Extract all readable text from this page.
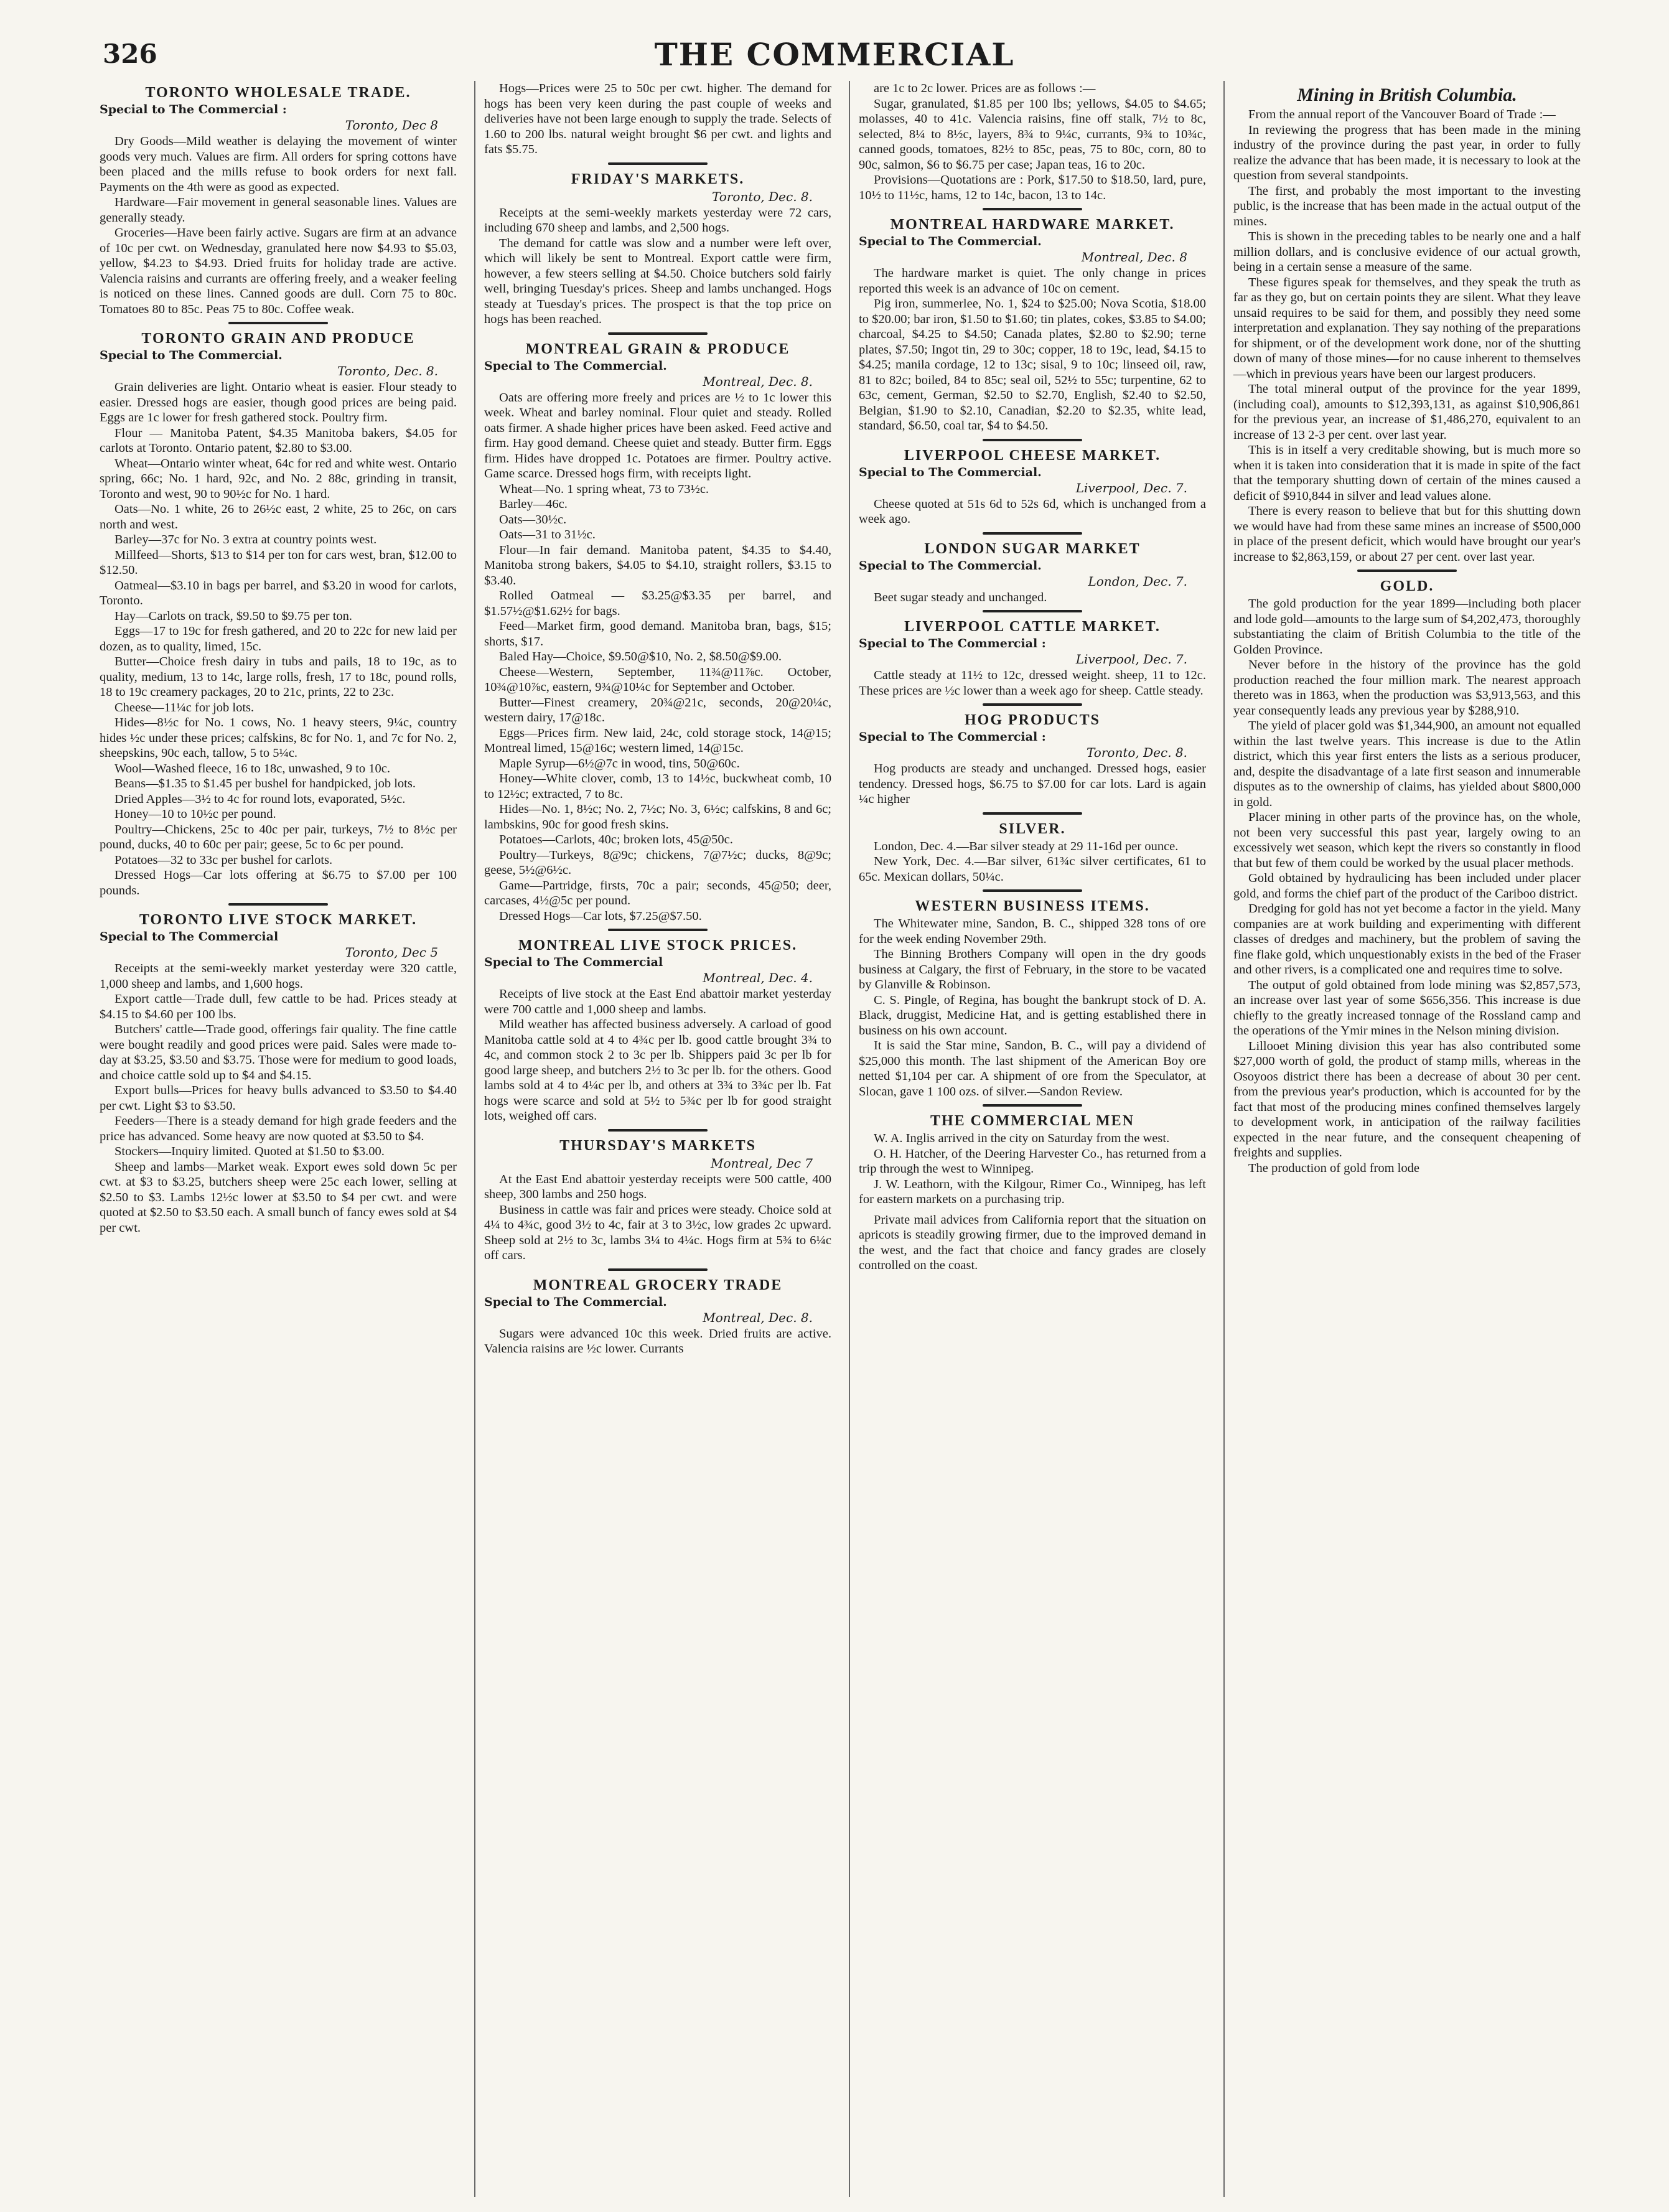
326	THE COMMERCIAL
TORONTO WHOLESALE TRADE.
Special to The Commercial :
Toronto, Dec 8

Dry Goods—Mild weather is delaying the movement of winter goods very much. Values are firm. All orders for spring cottons have been placed and the mills refuse to book orders for next fall. Payments on the 4th were as good as expected.

Hardware—Fair movement in general seasonable lines. Values are generally steady.

Groceries—Have been fairly active. Sugars are firm at an advance of 10c per cwt. on Wednesday, granulated here now $4.93 to $5.03, yellow, $4.23 to $4.93. Dried fruits for holiday trade are active. Valencia raisins and currants are offering freely, and a weaker feeling is noticed on these lines. Canned goods are dull. Corn 75 to 80c. Tomatoes 80 to 85c. Peas 75 to 80c. Coffee weak.

TORONTO GRAIN AND PRODUCE
Special to The Commercial.
Toronto, Dec. 8.

Grain deliveries are light. Ontario wheat is easier. Flour steady to easier. Dressed hogs are easier, though good prices are being paid. Eggs are 1c lower for fresh gathered stock. Poultry firm.

Flour — Manitoba Patent, $4.35 Manitoba bakers, $4.05 for carlots at Toronto. Ontario patent, $2.80 to $3.00.

Wheat—Ontario winter wheat, 64c for red and white west. Ontario spring, 66c; No. 1 hard, 92c, and No. 2 88c, grinding in transit, Toronto and west, 90 to 90½c for No. 1 hard.

Oats—No. 1 white, 26 to 26½c east, 2 white, 25 to 26c, on cars north and west.

Barley—37c for No. 3 extra at country points west.

Millfeed—Shorts, $13 to $14 per ton for cars west, bran, $12.00 to $12.50.

Oatmeal—$3.10 in bags per barrel, and $3.20 in wood for carlots, Toronto.

Hay—Carlots on track, $9.50 to $9.75 per ton.

Eggs—17 to 19c for fresh gathered, and 20 to 22c for new laid per dozen, as to quality, limed, 15c.

Butter—Choice fresh dairy in tubs and pails, 18 to 19c, as to quality, medium, 13 to 14c, large rolls, fresh, 17 to 18c, pound rolls, 18 to 19c creamery packages, 20 to 21c, prints, 22 to 23c.

Cheese—11¼c for job lots.

Hides—8½c for No. 1 cows, No. 1 heavy steers, 9¼c, country hides ½c under these prices; calfskins, 8c for No. 1, and 7c for No. 2, sheepskins, 90c each, tallow, 5 to 5¼c.

Wool—Washed fleece, 16 to 18c, unwashed, 9 to 10c.

Beans—$1.35 to $1.45 per bushel for handpicked, job lots.

Dried Apples—3½ to 4c for round lots, evaporated, 5½c.

Honey—10 to 10½c per pound.

Poultry—Chickens, 25c to 40c per pair, turkeys, 7½ to 8½c per pound, ducks, 40 to 60c per pair; geese, 5c to 6c per pound.

Potatoes—32 to 33c per bushel for carlots.

Dressed Hogs—Car lots offering at $6.75 to $7.00 per 100 pounds.

TORONTO LIVE STOCK MARKET.
Special to The Commercial
Toronto, Dec 5

Receipts at the semi-weekly market yesterday were 320 cattle, 1,000 sheep and lambs, and 1,600 hogs.

Export cattle—Trade dull, few cattle to be had. Prices steady at $4.15 to $4.60 per 100 lbs.

Butchers' cattle—Trade good, offerings fair quality. The fine cattle were bought readily and good prices were paid. Sales were made to-day at $3.25, $3.50 and $3.75. Those were for medium to good loads, and choice cattle sold up to $4 and $4.15.

Export bulls—Prices for heavy bulls advanced to $3.50 to $4.40 per cwt. Light $3 to $3.50.

Feeders—There is a steady demand for high grade feeders and the price has advanced. Some heavy are now quoted at $3.50 to $4.

Stockers—Inquiry limited. Quoted at $1.50 to $3.00.

Sheep and lambs—Market weak. Export ewes sold down 5c per cwt. at $3 to $3.25, butchers sheep were 25c each lower, selling at $2.50 to $3. Lambs 12½c lower at $3.50 to $4 per cwt. and were quoted at $2.50 to $3.50 each. A small bunch of fancy ewes sold at $4 per cwt.

Hogs—Prices were 25 to 50c per cwt. higher. The demand for hogs has been very keen during the past couple of weeks and deliveries have not been large enough to supply the trade. Selects of 1.60 to 200 lbs. natural weight brought $6 per cwt. and lights and fats $5.75.

FRIDAY'S MARKETS.
Toronto, Dec. 8.

Receipts at the semi-weekly markets yesterday were 72 cars, including 670 sheep and lambs, and 2,500 hogs.

The demand for cattle was slow and a number were left over, which will likely be sent to Montreal. Export cattle were firm, however, a few steers selling at $4.50. Choice butchers sold fairly well, bringing Tuesday's prices. Sheep and lambs unchanged. Hogs steady at Tuesday's prices. The prospect is that the top price on hogs has been reached.

MONTREAL GRAIN & PRODUCE
Special to The Commercial.
Montreal, Dec. 8.

Oats are offering more freely and prices are ½ to 1c lower this week. Wheat and barley nominal. Flour quiet and steady. Rolled oats firmer. A shade higher prices have been asked. Feed active and firm. Hay good demand. Cheese quiet and steady. Butter firm. Eggs firm. Hides have dropped 1c. Potatoes are firmer. Poultry active. Game scarce. Dressed hogs firm, with receipts light.

Wheat—No. 1 spring wheat, 73 to 73½c.

Barley—46c.

Oats—30½c.

Oats—31 to 31½c.

Flour—In fair demand. Manitoba patent, $4.35 to $4.40, Manitoba strong bakers, $4.05 to $4.10, straight rollers, $3.15 to $3.40.

Rolled Oatmeal — $3.25@$3.35 per barrel, and $1.57½@$1.62½ for bags.

Feed—Market firm, good demand. Manitoba bran, bags, $15; shorts, $17.

Baled Hay—Choice, $9.50@$10, No. 2, $8.50@$9.00.

Cheese—Western, September, 11¾@11⅞c. October, 10¾@10⅞c, eastern, 9¾@10¼c for September and October.

Butter—Finest creamery, 20¾@21c, seconds, 20@20¼c, western dairy, 17@18c.

Eggs—Prices firm. New laid, 24c, cold storage stock, 14@15; Montreal limed, 15@16c; western limed, 14@15c.

Maple Syrup—6½@7c in wood, tins, 50@60c.

Honey—White clover, comb, 13 to 14½c, buckwheat comb, 10 to 12½c; extracted, 7 to 8c.

Hides—No. 1, 8½c; No. 2, 7½c; No. 3, 6½c; calfskins, 8 and 6c; lambskins, 90c for good fresh skins.

Potatoes—Carlots, 40c; broken lots, 45@50c.

Poultry—Turkeys, 8@9c; chickens, 7@7½c; ducks, 8@9c; geese, 5½@6½c.

Game—Partridge, firsts, 70c a pair; seconds, 45@50; deer, carcases, 4½@5c per pound.

Dressed Hogs—Car lots, $7.25@$7.50.

MONTREAL LIVE STOCK PRICES.
Special to The Commercial
Montreal, Dec. 4.

Receipts of live stock at the East End abattoir market yesterday were 700 cattle and 1,000 sheep and lambs.

Mild weather has affected business adversely. A carload of good Manitoba cattle sold at 4 to 4¾c per lb. good cattle brought 3¾ to 4c, and common stock 2 to 3c per lb. Shippers paid 3c per lb for good large sheep, and butchers 2½ to 3c per lb. for the others. Good lambs sold at 4 to 4¼c per lb, and others at 3¾ to 3¾c per lb. Fat hogs were scarce and sold at 5½ to 5¾c per lb for good straight lots, weighed off cars.

THURSDAY'S MARKETS
Montreal, Dec 7

At the East End abattoir yesterday receipts were 500 cattle, 400 sheep, 300 lambs and 250 hogs.

Business in cattle was fair and prices were steady. Choice sold at 4¼ to 4¾c, good 3½ to 4c, fair at 3 to 3½c, low grades 2c upward. Sheep sold at 2½ to 3c, lambs 3¼ to 4¼c. Hogs firm at 5¾ to 6¼c off cars.

MONTREAL GROCERY TRADE
Special to The Commercial.
Montreal, Dec. 8.

Sugars were advanced 10c this week. Dried fruits are active. Valencia raisins are ½c lower. Currants

are 1c to 2c lower. Prices are as follows :—

Sugar, granulated, $1.85 per 100 lbs; yellows, $4.05 to $4.65; molasses, 40 to 41c. Valencia raisins, fine off stalk, 7½ to 8c, selected, 8¼ to 8½c, layers, 8¾ to 9¼c, currants, 9¾ to 10¾c, canned goods, tomatoes, 82½ to 85c, peas, 75 to 80c, corn, 80 to 90c, salmon, $6 to $6.75 per case; Japan teas, 16 to 20c.

Provisions—Quotations are : Pork, $17.50 to $18.50, lard, pure, 10½ to 11½c, hams, 12 to 14c, bacon, 13 to 14c.

MONTREAL HARDWARE MARKET.
Special to The Commercial.
Montreal, Dec. 8

The hardware market is quiet. The only change in prices reported this week is an advance of 10c on cement.

Pig iron, summerlee, No. 1, $24 to $25.00; Nova Scotia, $18.00 to $20.00; bar iron, $1.50 to $1.60; tin plates, cokes, $3.85 to $4.00; charcoal, $4.25 to $4.50; Canada plates, $2.80 to $2.90; terne plates, $7.50; Ingot tin, 29 to 30c; copper, 18 to 19c, lead, $4.15 to $4.25; manila cordage, 12 to 13c; sisal, 9 to 10c; linseed oil, raw, 81 to 82c; boiled, 84 to 85c; seal oil, 52½ to 55c; turpentine, 62 to 63c, cement, German, $2.50 to $2.70, English, $2.40 to $2.50, Belgian, $1.90 to $2.10, Canadian, $2.20 to $2.35, white lead, standard, $6.50, coal tar, $4 to $4.50.

LIVERPOOL CHEESE MARKET.
Special to The Commercial.
Liverpool, Dec. 7.

Cheese quoted at 51s 6d to 52s 6d, which is unchanged from a week ago.

LONDON SUGAR MARKET
Special to The Commercial.
London, Dec. 7.

Beet sugar steady and unchanged.

LIVERPOOL CATTLE MARKET.
Special to The Commercial :
Liverpool, Dec. 7.

Cattle steady at 11½ to 12c, dressed weight. sheep, 11 to 12c. These prices are ½c lower than a week ago for sheep. Cattle steady.

HOG PRODUCTS
Special to The Commercial :
Toronto, Dec. 8.

Hog products are steady and unchanged. Dressed hogs, easier tendency. Dressed hogs, $6.75 to $7.00 for car lots. Lard is again ¼c higher

SILVER.

London, Dec. 4.—Bar silver steady at 29 11-16d per ounce.

New York, Dec. 4.—Bar silver, 61¾c silver certificates, 61 to 65c. Mexican dollars, 50¼c.

WESTERN BUSINESS ITEMS.

The Whitewater mine, Sandon, B. C., shipped 328 tons of ore for the week ending November 29th.

The Binning Brothers Company will open in the dry goods business at Calgary, the first of February, in the store to be vacated by Glanville & Robinson.

C. S. Pingle, of Regina, has bought the bankrupt stock of D. A. Black, druggist, Medicine Hat, and is getting established there in business on his own account.

It is said the Star mine, Sandon, B. C., will pay a dividend of $25,000 this month. The last shipment of the American Boy ore netted $1,104 per car. A shipment of ore from the Speculator, at Slocan, gave 1 100 ozs. of silver.—Sandon Review.

THE COMMERCIAL MEN

W. A. Inglis arrived in the city on Saturday from the west.

O. H. Hatcher, of the Deering Harvester Co., has returned from a trip through the west to Winnipeg.

J. W. Leathorn, with the Kilgour, Rimer Co., Winnipeg, has left for eastern markets on a purchasing trip.

Private mail advices from California report that the situation on apricots is steadily growing firmer, due to the improved demand in the west, and the fact that choice and fancy grades are closely controlled on the coast.

Mining in British Columbia.

From the annual report of the Vancouver Board of Trade :—

In reviewing the progress that has been made in the mining industry of the province during the past year, in order to fully realize the advance that has been made, it is necessary to look at the question from several standpoints.

The first, and probably the most important to the investing public, is the increase that has been made in the actual output of the mines.

This is shown in the preceding tables to be nearly one and a half million dollars, and is conclusive evidence of our actual growth, being in a certain sense a measure of the same.

These figures speak for themselves, and they speak the truth as far as they go, but on certain points they are silent. What they leave unsaid requires to be said for them, and possibly they need some interpretation and explanation. They say nothing of the preparations for shipment, or of the development work done, nor of the shutting down of many of those mines—for no cause inherent to themselves—which in previous years have been our largest producers.

The total mineral output of the province for the year 1899, (including coal), amounts to $12,393,131, as against $10,906,861 for the previous year, an increase of $1,486,270, equivalent to an increase of 13 2-3 per cent. over last year.

This is in itself a very creditable showing, but is much more so when it is taken into consideration that it is made in spite of the fact that the temporary shutting down of certain of the mines caused a deficit of $910,844 in silver and lead values alone.

There is every reason to believe that but for this shutting down we would have had from these same mines an increase of $500,000 in place of the present deficit, which would have brought our year's increase to $2,863,159, or about 27 per cent. over last year.

GOLD.

The gold production for the year 1899—including both placer and lode gold—amounts to the large sum of $4,202,473, thoroughly substantiating the claim of British Columbia to the title of the Golden Province.

Never before in the history of the province has the gold production reached the four million mark. The nearest approach thereto was in 1863, when the production was $3,913,563, and this year consequently leads any previous year by $288,910.

The yield of placer gold was $1,344,900, an amount not equalled within the last twelve years. This increase is due to the Atlin district, which this year first enters the lists as a serious producer, and, despite the disadvantage of a late first season and innumerable disputes as to the ownership of claims, has yielded about $800,000 in gold.

Placer mining in other parts of the province has, on the whole, not been very successful this past year, largely owing to an excessively wet season, which kept the rivers so constantly in flood that but few of them could be worked by the usual placer methods.

Gold obtained by hydraulicing has been included under placer gold, and forms the chief part of the product of the Cariboo district.

Dredging for gold has not yet become a factor in the yield. Many companies are at work building and experimenting with different classes of dredges and machinery, but the problem of saving the fine flake gold, which unquestionably exists in the bed of the Fraser and other rivers, is a complicated one and requires time to solve.

The output of gold obtained from lode mining was $2,857,573, an increase over last year of some $656,356. This increase is due chiefly to the greatly increased tonnage of the Rossland camp and the operations of the Ymir mines in the Nelson mining division.

Lillooet Mining division this year has also contributed some $27,000 worth of gold, the product of stamp mills, whereas in the Osoyoos district there has been a decrease of about 30 per cent. from the previous year's production, which is accounted for by the fact that most of the producing mines confined themselves largely to development work, in anticipation of the railway facilities expected in the near future, and the consequent cheapening of freights and supplies.

The production of gold from lode
